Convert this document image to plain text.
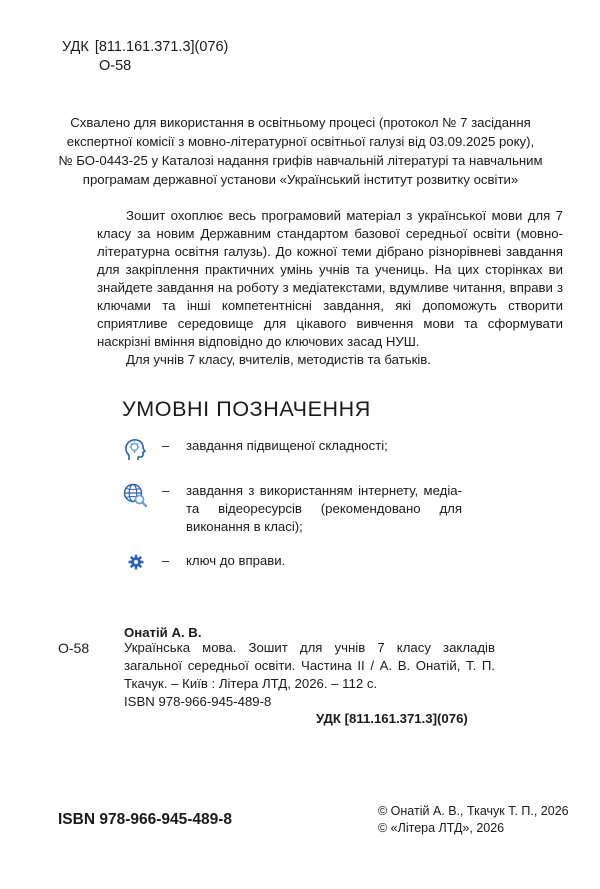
УДК [811.161.371.3](076)
О-58
Схвалено для використання в освітньому процесі (протокол № 7 засідання
експертної комісії з мовно-літературної освітньої галузі від 03.09.2025 року),
№ БО-0443-25 у Каталозі надання грифів навчальній літературі та навчальним
програмам державної установи «Український інститут розвитку освіти»

Зошит охоплює весь програмовий матеріал з української мови для 7 класу за новим Державним стандартом базової середньої освіти (мовно-літературна освітня галузь). До кожної теми дібрано різнорівневі завдання для закріплення практичних умінь учнів та учениць. На цих сторінках ви знайдете завдання на роботу з медіатекстами, вдумливе читання, вправи з ключами та інші компетентнісні завдання, які допоможуть створити сприятливе середовище для цікавого вивчення мови та сформувати наскрізні вміння відповідно до ключових засад НУШ.

Для учнів 7 класу, вчителів, методистів та батьків.

УМОВНІ ПОЗНАЧЕННЯ
–	завдання підвищеної складності;
–	завдання з використанням інтернету, медіа- та відеоресурсів (рекомендовано для виконання в класі);
–	ключ до вправи.
Онатій А. В.
О-58	Українська мова. Зошит для учнів 7 класу закладів загальної середньої освіти. Частина ІІ / А. В. Онатій, Т. П. Ткачук. – Київ : Літера ЛТД, 2026. – 112 с.
ISBN 978-966-945-489-8
УДК [811.161.371.3](076)
ISBN 978-966-945-489-8	© Онатій А. В., Ткачук Т. П., 2026
© «Літера ЛТД», 2026
